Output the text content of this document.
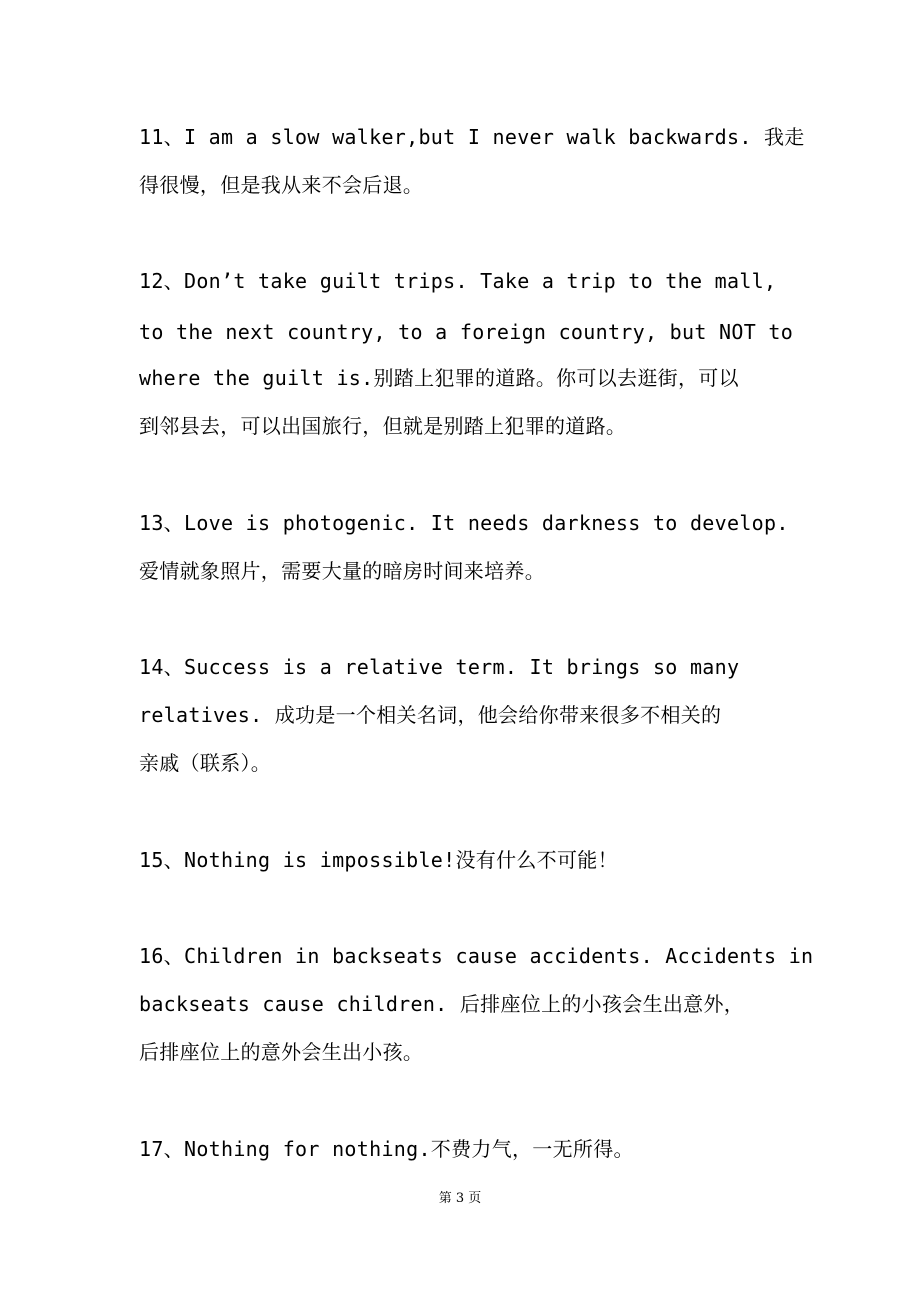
11、I am a slow walker,but I never walk backwards. 我走

得很慢，但是我从来不会后退。

12、Don’t take guilt trips. Take a trip to the mall,

to the next country, to a foreign country, but NOT to

where the guilt is.别踏上犯罪的道路。你可以去逛街，可以

到邻县去，可以出国旅行，但就是别踏上犯罪的道路。

13、Love is photogenic. It needs darkness to develop.

爱情就象照片，需要大量的暗房时间来培养。

14、Success is a relative term. It brings so many

relatives. 成功是一个相关名词，他会给你带来很多不相关的

亲戚（联系）。

15、Nothing is impossible!没有什么不可能！

16、Children in backseats cause accidents. Accidents in

backseats cause children. 后排座位上的小孩会生出意外，

后排座位上的意外会生出小孩。

17、Nothing for nothing.不费力气，一无所得。

第 3 页
